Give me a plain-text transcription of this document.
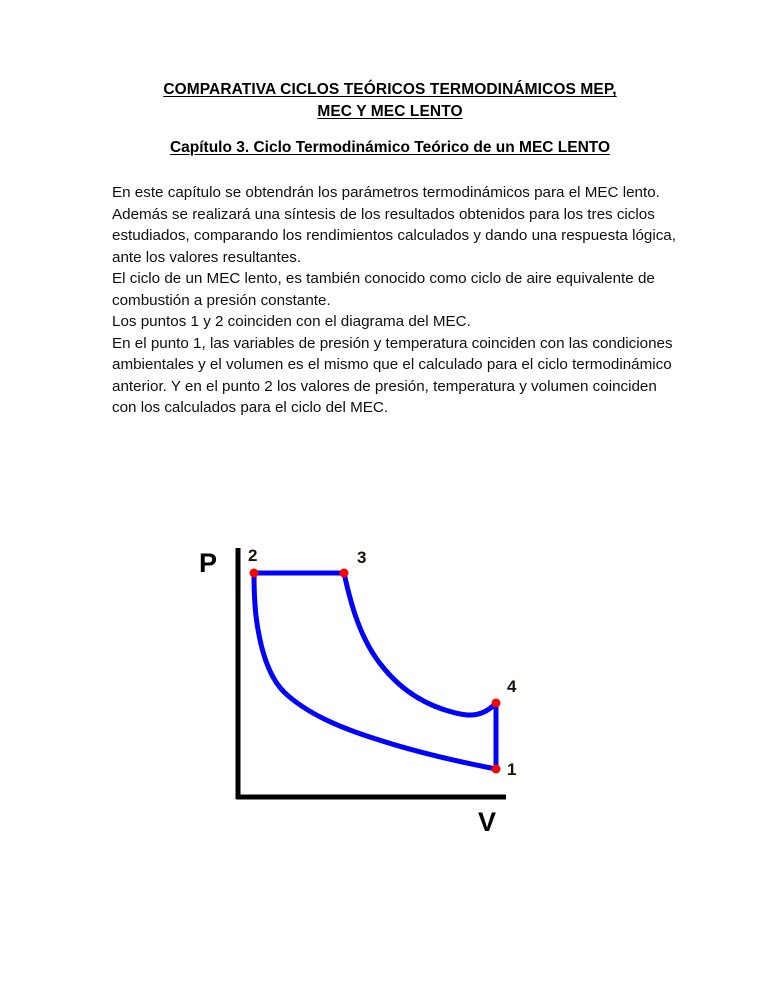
COMPARATIVA CICLOS TEÓRICOS TERMODINÁMICOS MEP,
MEC Y MEC LENTO
Capítulo 3. Ciclo Termodinámico Teórico de un MEC LENTO

En este capítulo se obtendrán los parámetros termodinámicos para el MEC lento. Además se realizará una síntesis de los resultados obtenidos para los tres ciclos estudiados, comparando los rendimientos calculados y dando una respuesta lógica, ante los valores resultantes.

El ciclo de un MEC lento, es también conocido como ciclo de aire equivalente de combustión a presión constante.

Los puntos 1 y 2 coinciden con el diagrama del MEC.

En el punto 1, las variables de presión y temperatura coinciden con las condiciones ambientales y el volumen es el mismo que el calculado para el ciclo termodinámico anterior. Y en el punto 2 los valores de presión, temperatura y volumen coinciden con los calculados para el ciclo del MEC.

P
V
2	3
4
1
